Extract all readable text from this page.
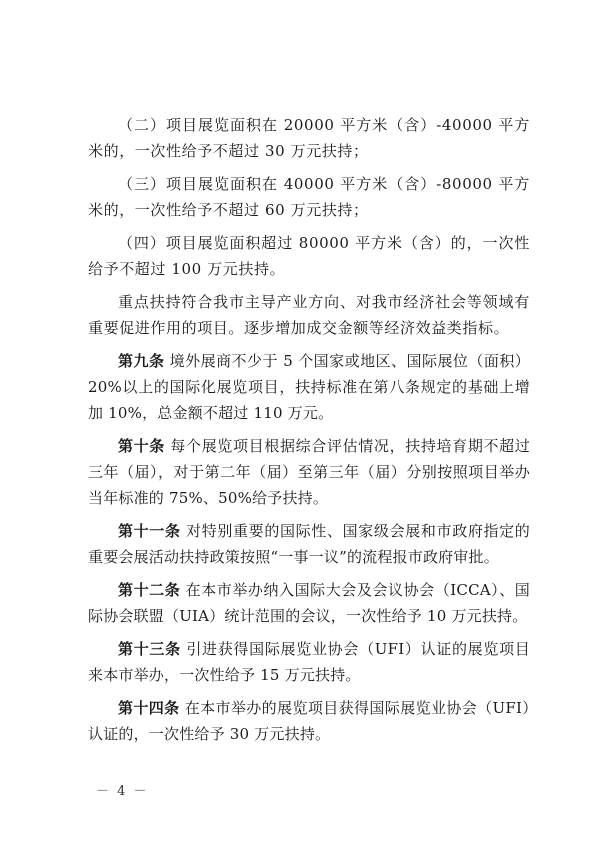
（二）项目展览面积在 20000 平方米（含）-40000 平方米的，一次性给予不超过 30 万元扶持；

（三）项目展览面积在 40000 平方米（含）-80000 平方米的，一次性给予不超过 60 万元扶持；

（四）项目展览面积超过 80000 平方米（含）的，一次性给予不超过 100 万元扶持。

重点扶持符合我市主导产业方向、对我市经济社会等领域有重要促进作用的项目。逐步增加成交金额等经济效益类指标。

第九条 境外展商不少于 5 个国家或地区、国际展位（面积）20%以上的国际化展览项目，扶持标准在第八条规定的基础上增加 10%，总金额不超过 110 万元。

第十条 每个展览项目根据综合评估情况，扶持培育期不超过三年（届），对于第二年（届）至第三年（届）分别按照项目举办当年标准的 75%、50%给予扶持。

第十一条 对特别重要的国际性、国家级会展和市政府指定的重要会展活动扶持政策按照“一事一议”的流程报市政府审批。

第十二条 在本市举办纳入国际大会及会议协会（ICCA）、国际协会联盟（UIA）统计范围的会议，一次性给予 10 万元扶持。

第十三条 引进获得国际展览业协会（UFI）认证的展览项目来本市举办，一次性给予 15 万元扶持。

第十四条 在本市举办的展览项目获得国际展览业协会（UFI）认证的，一次性给予 30 万元扶持。

－ 4 －
